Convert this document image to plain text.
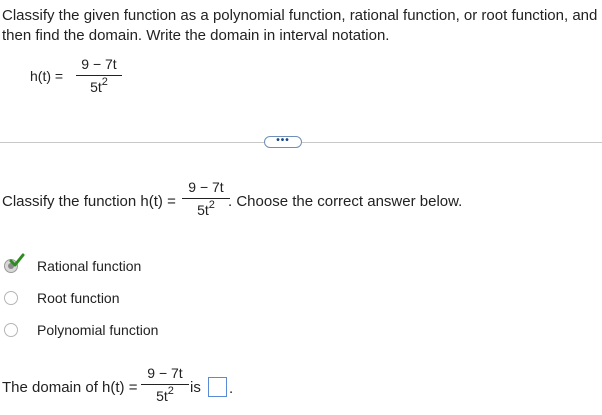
Classify the given function as a polynomial function, rational function, or root function, and then find the domain. Write the domain in interval notation.
h(t) =
9 − 7t
$5t^2$
•••
Classify the function h(t) =
9 − 7t
$5t^2$ . Choose the correct answer below.
Rational function
Root function
Polynomial function
The domain of h(t) =
9 − 7t
$5t^2$	is .
